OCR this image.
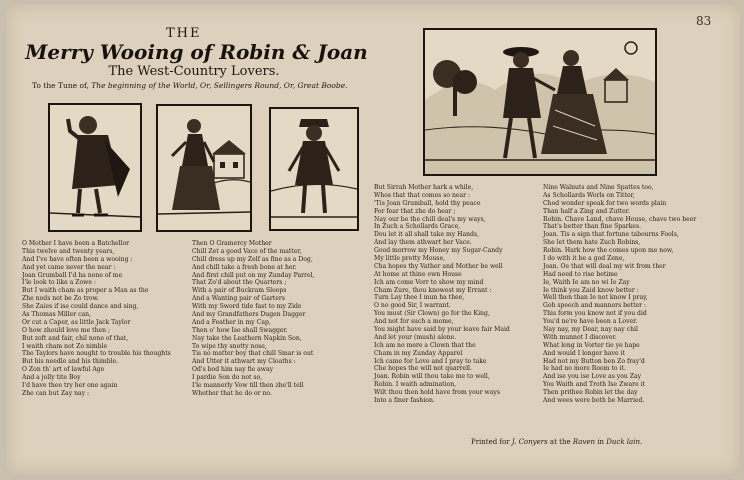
83
THE
Merry Wooing of Robin & Joan
The West-Country Lovers.
To the Tune of, The beginning of the World, Or, Sellingers Round, Or, Great Boobe.
O Mother I have been a Batchellor
This twelve and twenty years,
And I've have often been a wooing :
And yet came never the near :
Joan Grumball I'd ha none of me
I'le look to like a Zowe :
But I waith cham as proper a Man as the
Zhe nods not be Zo trow.
She Zaies if ise could dance and sing,
As Thomas Miller can,
Or cut a Caper, as little Jack Taylor
O how zhould love me then ;
But zoft and fair, chil none of that,
I waith cham not Zo nimble
The Taylors have nought to trouble his thoughts
But his needle and his thimble.
O Zon th' art of lawful Age
And a jolly tite Boy
I'd have thee try her one again
Zhe can but Zay nay :
Then O Gramercy Mother
Chill Zet a good Vace of the matter,
Chill dress up my Zelf as fine as a Dog,
And chill take a fresh bone at her.
And first chill put on my Zunday Parrel,
That Zo'd about the Quarters ;
With a pair of Buckram Sloops
And a Wanting pair of Garters
With my Sword tide fast to my Zide
And my Grandfathers Dugen Dagger
And a Feather in my Cap,
Then o' how Ise shall Swagger.
Nay take the Leathern Napkin Son,
To wipe thy snotty nose,
Tis no matter boy that chill Smar is out
And Utter it athwart my Cloaths :
Od's bod him nay fie away
I pardie Son do not so,
I'le mannerly Vow till then zhe'll tell
Whether that he do or no.
But Sirrah Mother hark a while,
Whos that that comes so near :
'Tis Joan Grumball, hold thy peace
For fear that zhe do hear ;
Nay our be the chill deal's my ways,
In Zuch a Schollards Grace,
Dou let it all shall take my Hands,
And lay them athwart her Vace.
Good morrow my Honey my Sugar-Candy
My little pretty Mouse,
Cha hopes thy Vather and Mother be well
At home at thine own House
Ich am come Vorr to show my mind
Cham Zure, thou knowest my Errant :
Turn Lay thee I mun ha thee,
O no good Sir, I warrant.
You must (Sir Clown) go for the King,
And not for such a mome,
You might have said by your leave fair Maid
And let your (mush) alone.
Ich am no mere a Clown that the
Cham in my Zunday Apparel
Ich came for Love and I pray to take
Che hopes the will not quarrell.
Joan. Robin will thou take me to well,
Robin. I waith admination,
Wilt thou then hold have from your ways
Into a finer fashion.
Nine Walnuts and Nine Spattes too,
As Schollards Worls on Titter,
Chod wonder speak for two words plain
Than half a Zing and Zutter.
Robin. Chave Land, chave House, chave two beer
That's better than fine Sparkes.
Joan. Tis a sign that fortune tabourns Fools,
She let them hate Zuch Robins,
Robin. Hark how the comes upon me now,
I do with it be a god Zene,
Joan. Oe that will deal my wit from ther
Had need to rise betime
Ie, Waith Ie am no wi Ie Zay
Ie think you Zaid know better :
Well then than Ie not know I pray,
Goh speech and manners better :
This form you know not if you did
You'd ne're have been a Lover.
Nay nay, my Dear, nay nay chil
With munnot I discover.
What long in Vorter tie ye hape
And would I longer have it
Had not my Button ben Zo fray'd
Ie had no more Room to it.
And ise you ise Love as you Zay
You Waith and Troth Ise Zware it
Then prithee Robin let the day
And wees were both be Married.
Printed for J. Conyers at the Raven in Duck lain.
